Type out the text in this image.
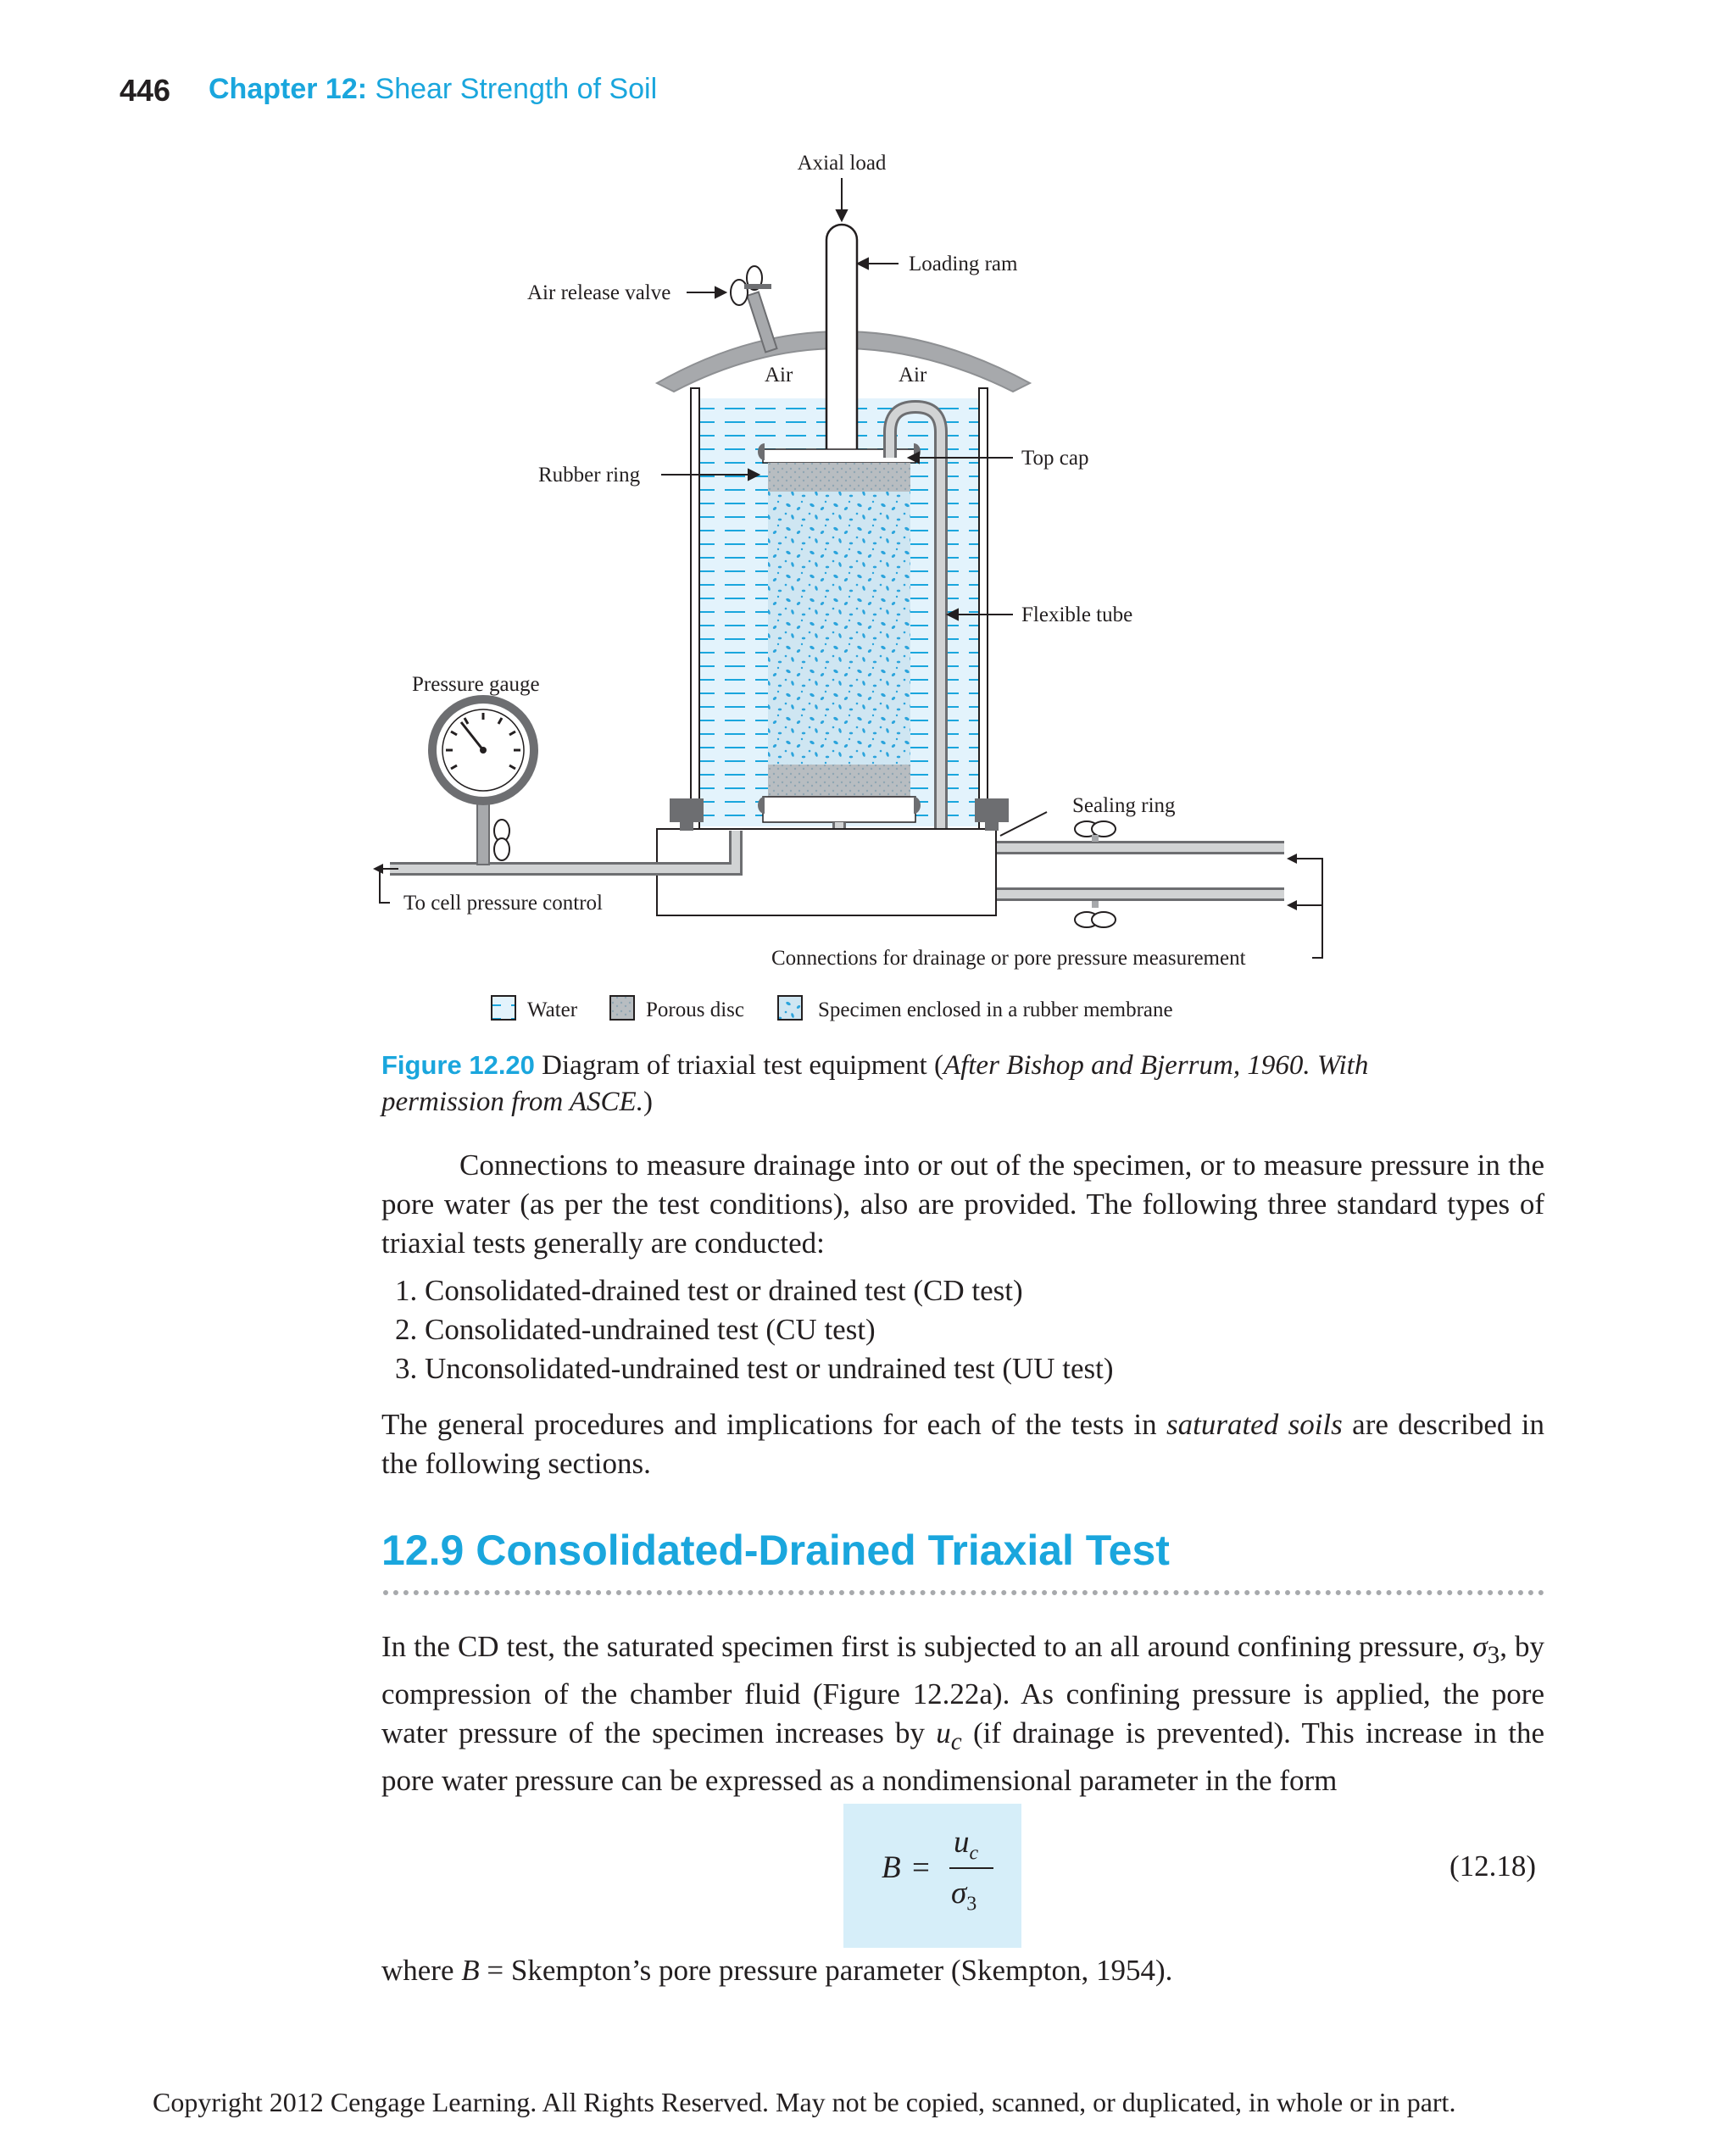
446 Chapter 12: Shear Strength of Soil
Axial load
Loading ram
Air release valve
Air	Air
Top cap
Rubber ring
Flexible tube
Pressure gauge
Sealing ring
To cell pressure control
Connections for drainage or pore pressure measurement
Water	Porous disc	Specimen enclosed in a rubber membrane
Figure 12.20 Diagram of triaxial test equipment (After Bishop and Bjerrum, 1960. With permission from ASCE.)
Connections to measure drainage into or out of the specimen, or to measure pressure in the pore water (as per the test conditions), also are provided. The following three standard types of triaxial tests generally are conducted:
1. Consolidated-drained test or drained test (CD test)
2. Consolidated-undrained test (CU test)
3. Unconsolidated-undrained test or undrained test (UU test)
The general procedures and implications for each of the tests in saturated soils are described in the following sections.
12.9 Consolidated-Drained Triaxial Test
In the CD test, the saturated specimen first is subjected to an all around confining pressure, $\sigma_3$, by compression of the chamber fluid (Figure 12.22a). As confining pressure is applied, the pore water pressure of the specimen increases by $u_c$ (if drainage is prevented). This increase in the pore water pressure can be expressed as a nondimensional parameter in the form
B =
$u_c$
$\sigma_3$
(12.18)
where B = Skempton’s pore pressure parameter (Skempton, 1954).
Copyright 2012 Cengage Learning. All Rights Reserved. May not be copied, scanned, or duplicated, in whole or in part.
